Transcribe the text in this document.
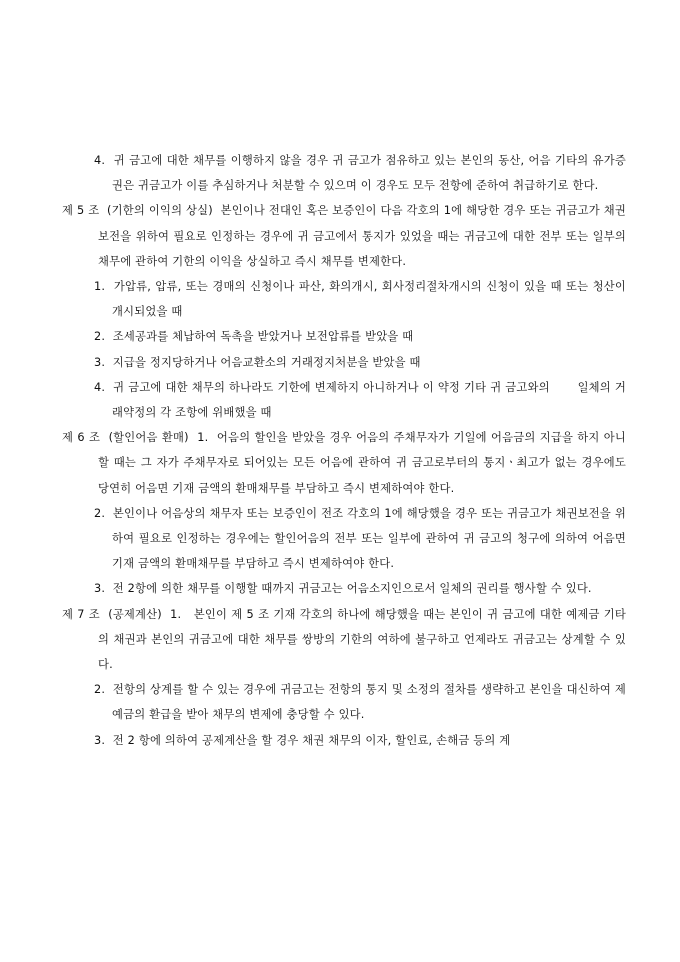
4.  귀 금고에 대한 채무를 이행하지 않을 경우 귀 금고가 점유하고 있는 본인의 동산, 어음 기타의 유가증권은 귀금고가 이를 추심하거나 처분할 수 있으며 이 경우도 모두 전항에 준하여 취급하기로 한다.
제 5 조  (기한의 이익의 상실)  본인이나 전대인 혹은 보증인이 다음 각호의 1에 해당한 경우 또는 귀금고가 채권보전을 위하여 필요로 인정하는 경우에 귀 금고에서 통지가 있었을 때는 귀금고에 대한 전부 또는 일부의 채무에 관하여 기한의 이익을 상실하고 즉시 채무를 변제한다.
1.  가압류, 압류, 또는 경매의 신청이나 파산, 화의개시, 회사정리절차개시의 신청이 있을 때 또는 청산이 개시되었을 때
2.  조세공과를 체납하여 독촉을 받았거나 보전압류를 받았을 때
3.  지급을 정지당하거나 어음교환소의 거래정지처분을 받았을 때
4.  귀 금고에 대한 채무의 하나라도 기한에 변제하지 아니하거나 이 약정 기타 귀 금고와의       일체의 거래약정의 각 조항에 위배했을 때
제 6 조  (할인어음 환매)  1.  어음의 할인을 받았을 경우 어음의 주채무자가 기일에 어음금의 지급을 하지 아니할 때는 그 자가 주채무자로 되어있는 모든 어음에 관하여 귀 금고로부터의 통지ㆍ최고가 없는 경우에도 당연히 어음면 기재 금액의 환매채무를 부담하고 즉시 변제하여야 한다.
2.  본인이나 어음상의 채무자 또는 보증인이 전조 각호의 1에 해당했을 경우 또는 귀금고가 채권보전을 위하여 필요로 인정하는 경우에는 할인어음의 전부 또는 일부에 관하여 귀 금고의 청구에 의하여 어음면기재 금액의 환매채무를 부담하고 즉시 변제하여야 한다.
3.  전 2항에 의한 채무를 이행할 때까지 귀금고는 어음소지인으로서 일체의 권리를 행사할 수 있다.
제 7 조  (공제계산)  1.   본인이 제 5 조 기재 각호의 하나에 해당했을 때는 본인이 귀 금고에 대한 예제금 기타의 채권과 본인의 귀금고에 대한 채무를 쌍방의 기한의 여하에 불구하고 언제라도 귀금고는 상계할 수 있다.
2.  전항의 상계를 할 수 있는 경우에 귀금고는 전항의 통지 및 소정의 절차를 생략하고 본인을 대신하여 제예금의 환급을 받아 채무의 변제에 충당할 수 있다.
3.  전 2 항에 의하여 공제계산을 할 경우 채권 채무의 이자, 할인료, 손해금 등의 계
